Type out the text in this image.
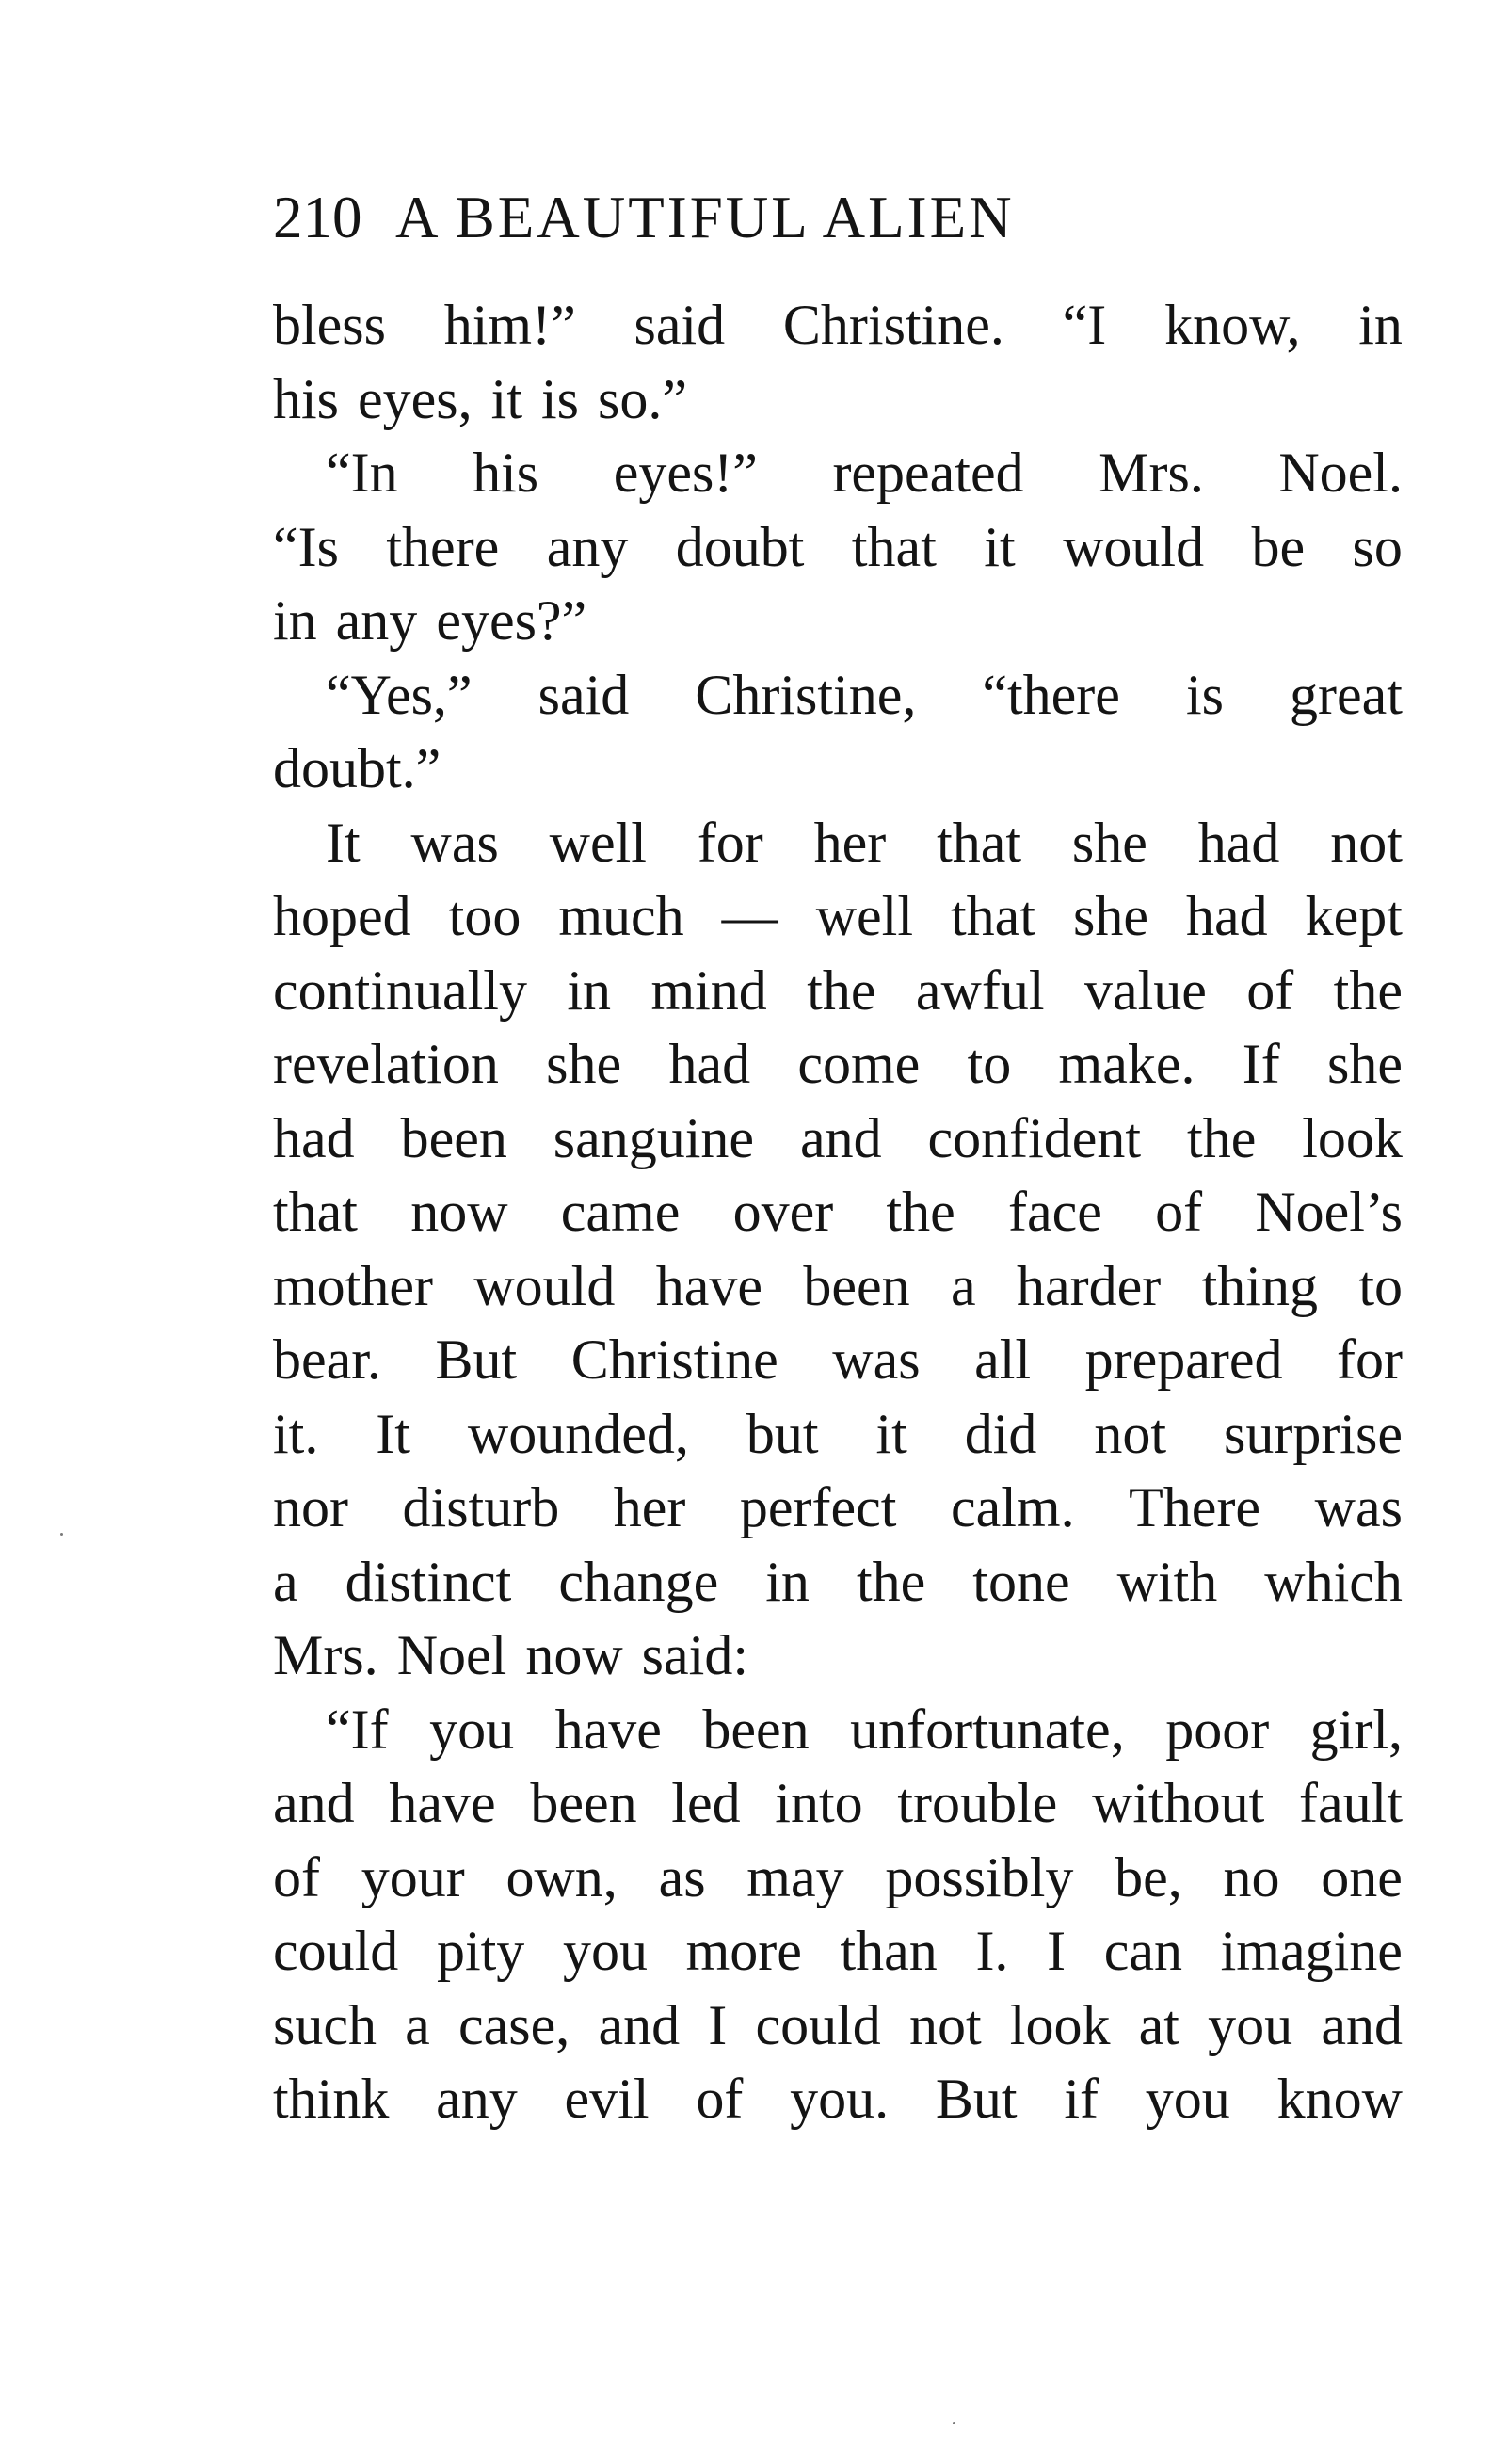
210 A BEAUTIFUL ALIEN
bless him!” said Christine. “I know, in
his eyes, it is so.”
“In his eyes!” repeated Mrs. Noel.
“Is there any doubt that it would be so
in any eyes?”
“Yes,” said Christine, “there is great
doubt.”
It was well for her that she had not
hoped too much — well that she had kept
continually in mind the awful value of the
revelation she had come to make. If she
had been sanguine and confident the look
that now came over the face of Noel’s
mother would have been a harder thing to
bear. But Christine was all prepared for
it. It wounded, but it did not surprise
nor disturb her perfect calm. There was
a distinct change in the tone with which
Mrs. Noel now said:
“If you have been unfortunate, poor girl,
and have been led into trouble without fault
of your own, as may possibly be, no one
could pity you more than I. I can imagine
such a case, and I could not look at you and
think any evil of you. But if you know
